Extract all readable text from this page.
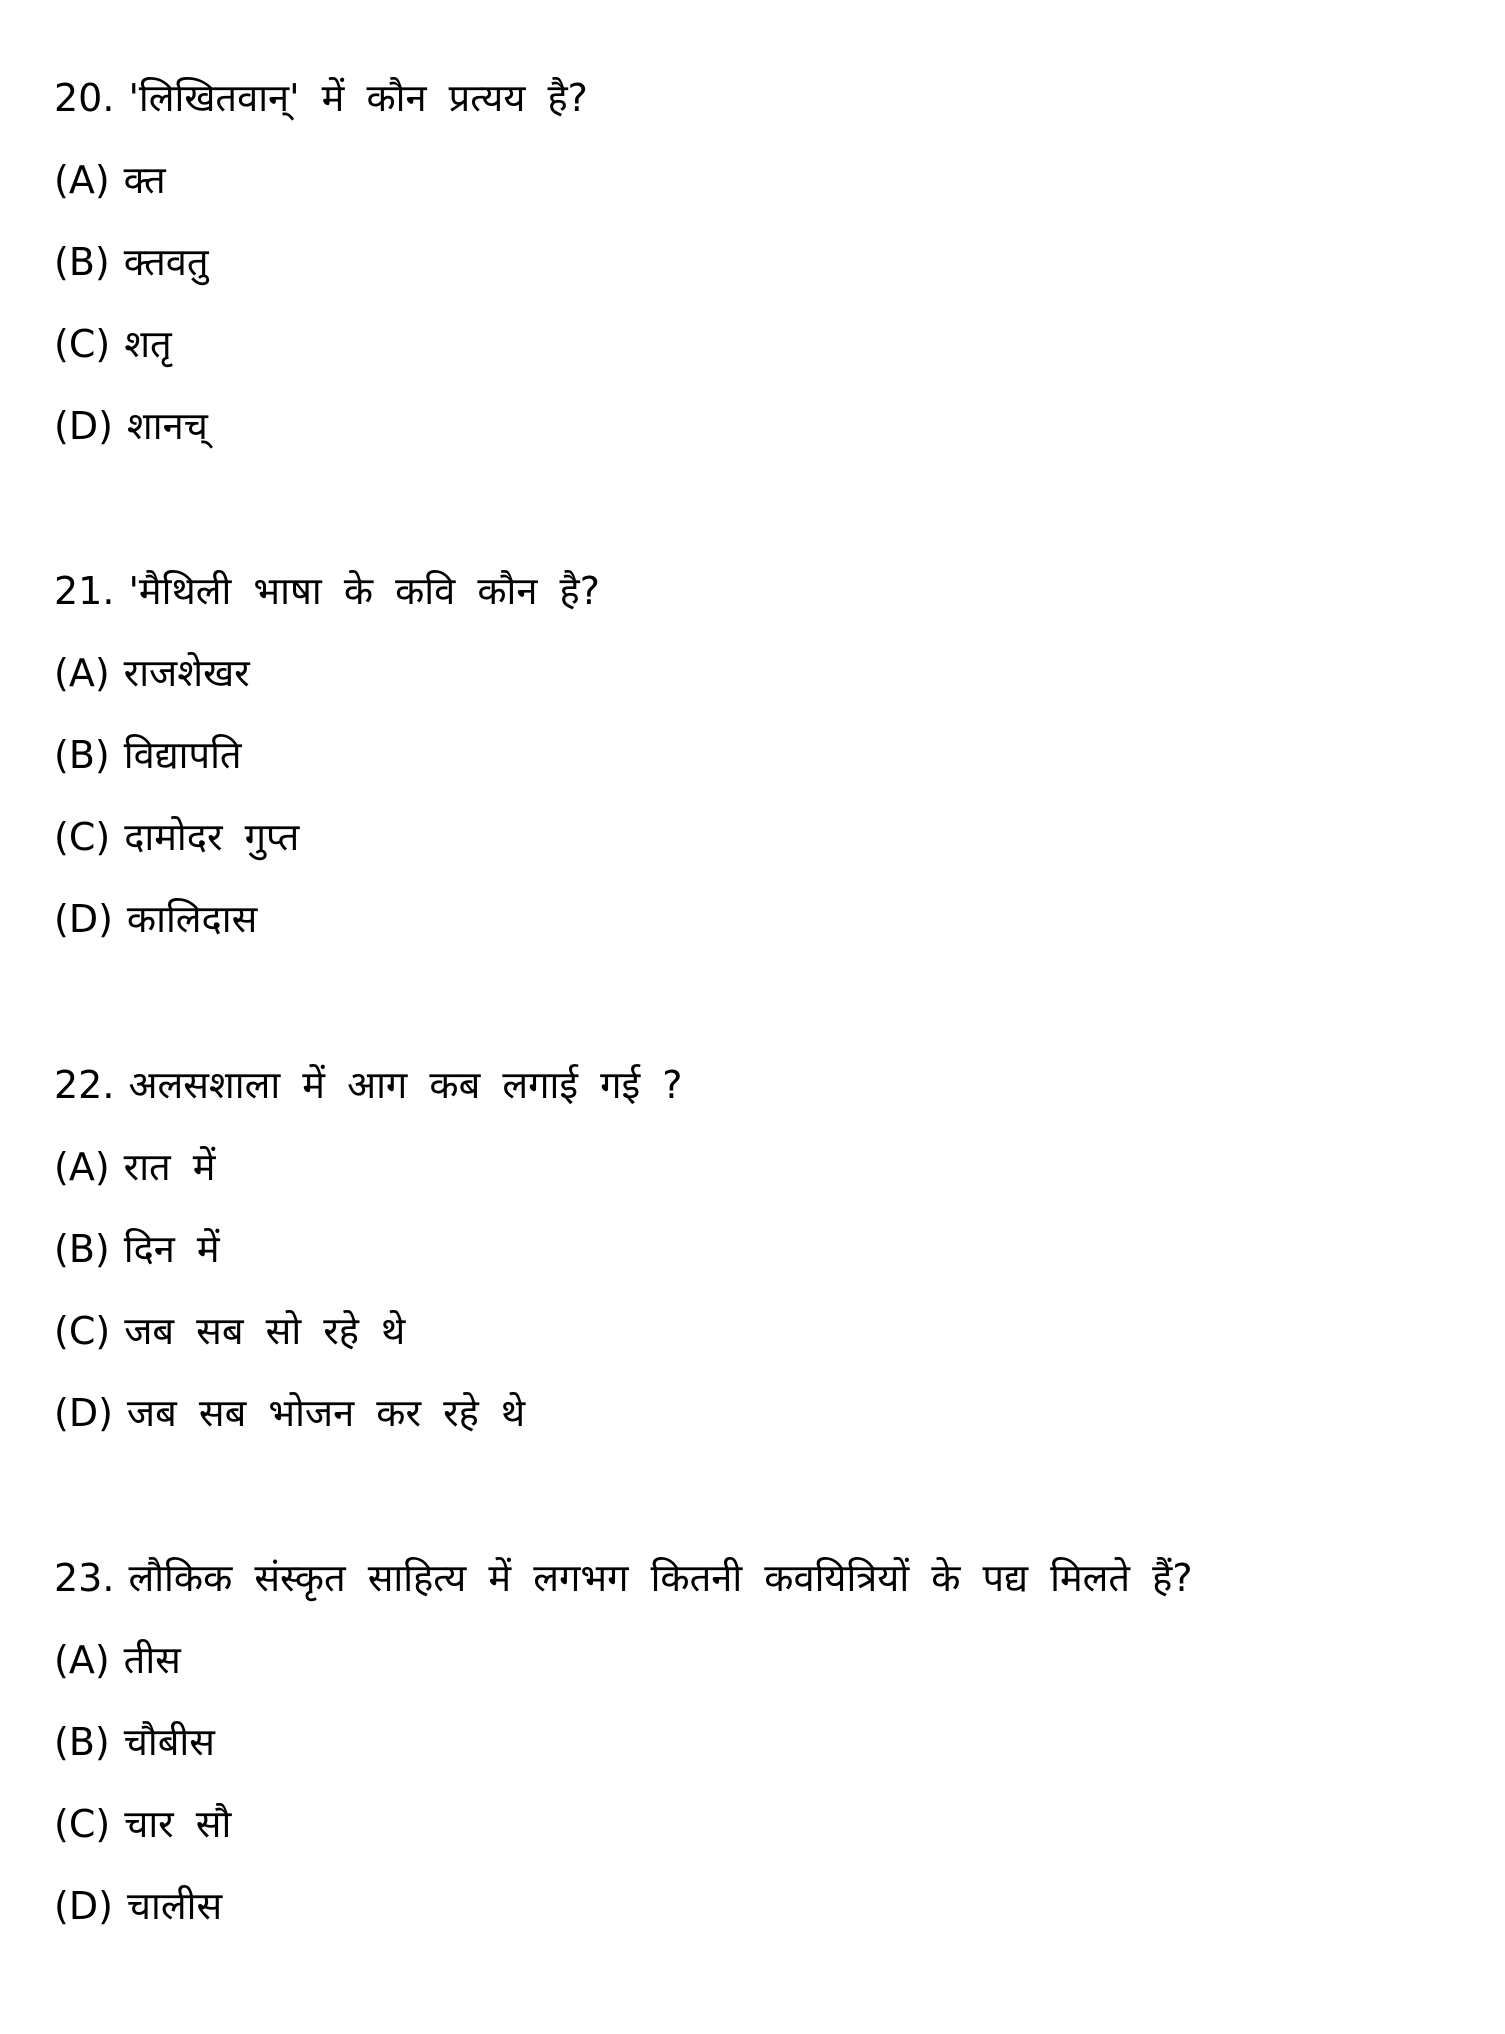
20. 'लिखितवान्' में कौन प्रत्यय है?
(A) क्त
(B) क्तवतु
(C) शतृ
(D) शानच्
21. 'मैथिली भाषा के कवि कौन है?
(A) राजशेखर
(B) विद्यापति
(C) दामोदर गुप्त
(D) कालिदास
22. अलसशाला में आग कब लगाई गई ?
(A) रात में
(B) दिन में
(C) जब सब सो रहे थे
(D) जब सब भोजन कर रहे थे
23. लौकिक संस्कृत साहित्य में लगभग कितनी कवयित्रियों के पद्य मिलते हैं?
(A) तीस
(B) चौबीस
(C) चार सौ
(D) चालीस
